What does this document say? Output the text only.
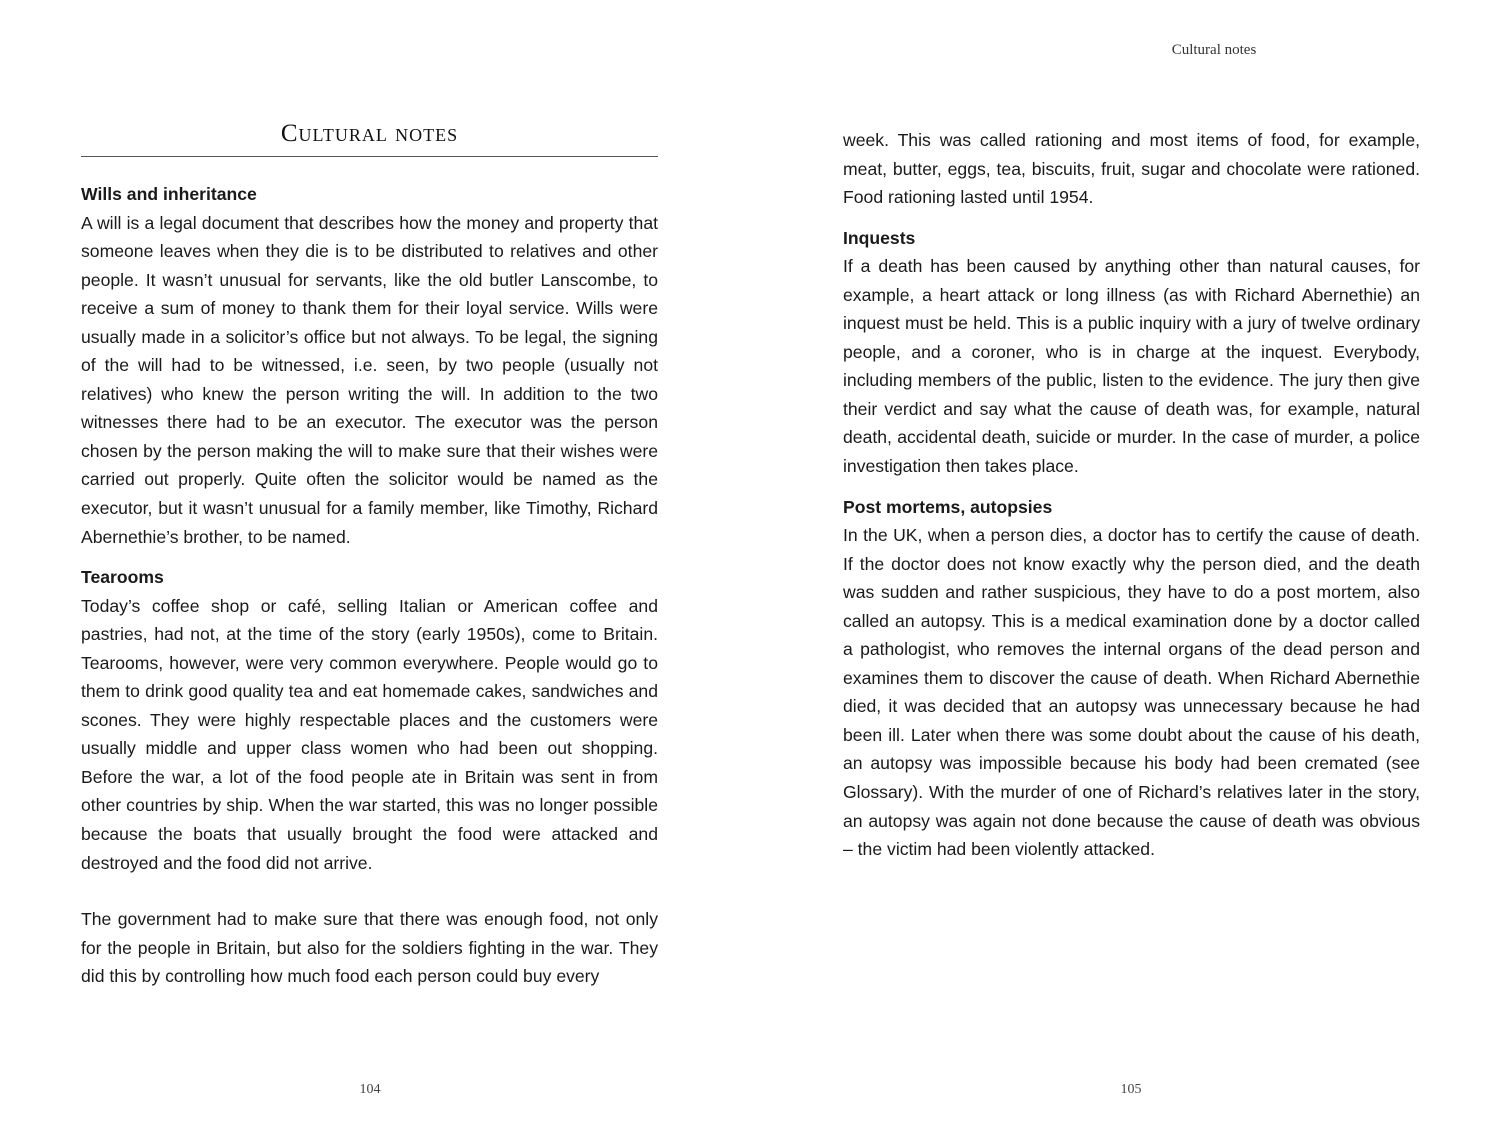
Cultural notes

Wills and inheritance

A will is a legal document that describes how the money and property that someone leaves when they die is to be distributed to relatives and other people. It wasn’t unusual for servants, like the old butler Lanscombe, to receive a sum of money to thank them for their loyal service. Wills were usually made in a solicitor’s office but not always. To be legal, the signing of the will had to be witnessed, i.e. seen, by two people (usually not relatives) who knew the person writing the will. In addition to the two witnesses there had to be an executor. The executor was the person chosen by the person making the will to make sure that their wishes were carried out properly. Quite often the solicitor would be named as the executor, but it wasn’t unusual for a family member, like Timothy, Richard Abernethie’s brother, to be named.

Tearooms

Today’s coffee shop or café, selling Italian or American coffee and pastries, had not, at the time of the story (early 1950s), come to Britain. Tearooms, however, were very common everywhere. People would go to them to drink good quality tea and eat homemade cakes, sandwiches and scones. They were highly respectable places and the customers were usually middle and upper class women who had been out shopping. Before the war, a lot of the food people ate in Britain was sent in from other countries by ship. When the war started, this was no longer possible because the boats that usually brought the food were attacked and destroyed and the food did not arrive.

The government had to make sure that there was enough food, not only for the people in Britain, but also for the soldiers fighting in the war. They did this by controlling how much food each person could buy every

104
Cultural notes

week. This was called rationing and most items of food, for example, meat, butter, eggs, tea, biscuits, fruit, sugar and chocolate were rationed. Food rationing lasted until 1954.

Inquests

If a death has been caused by anything other than natural causes, for example, a heart attack or long illness (as with Richard Abernethie) an inquest must be held. This is a public inquiry with a jury of twelve ordinary people, and a coroner, who is in charge at the inquest. Everybody, including members of the public, listen to the evidence. The jury then give their verdict and say what the cause of death was, for example, natural death, accidental death, suicide or murder. In the case of murder, a police investigation then takes place.

Post mortems, autopsies

In the UK, when a person dies, a doctor has to certify the cause of death. If the doctor does not know exactly why the person died, and the death was sudden and rather suspicious, they have to do a post mortem, also called an autopsy. This is a medical examination done by a doctor called a pathologist, who removes the internal organs of the dead person and examines them to discover the cause of death. When Richard Abernethie died, it was decided that an autopsy was unnecessary because he had been ill. Later when there was some doubt about the cause of his death, an autopsy was impossible because his body had been cremated (see Glossary). With the murder of one of Richard’s relatives later in the story, an autopsy was again not done because the cause of death was obvious – the victim had been violently attacked.

105
